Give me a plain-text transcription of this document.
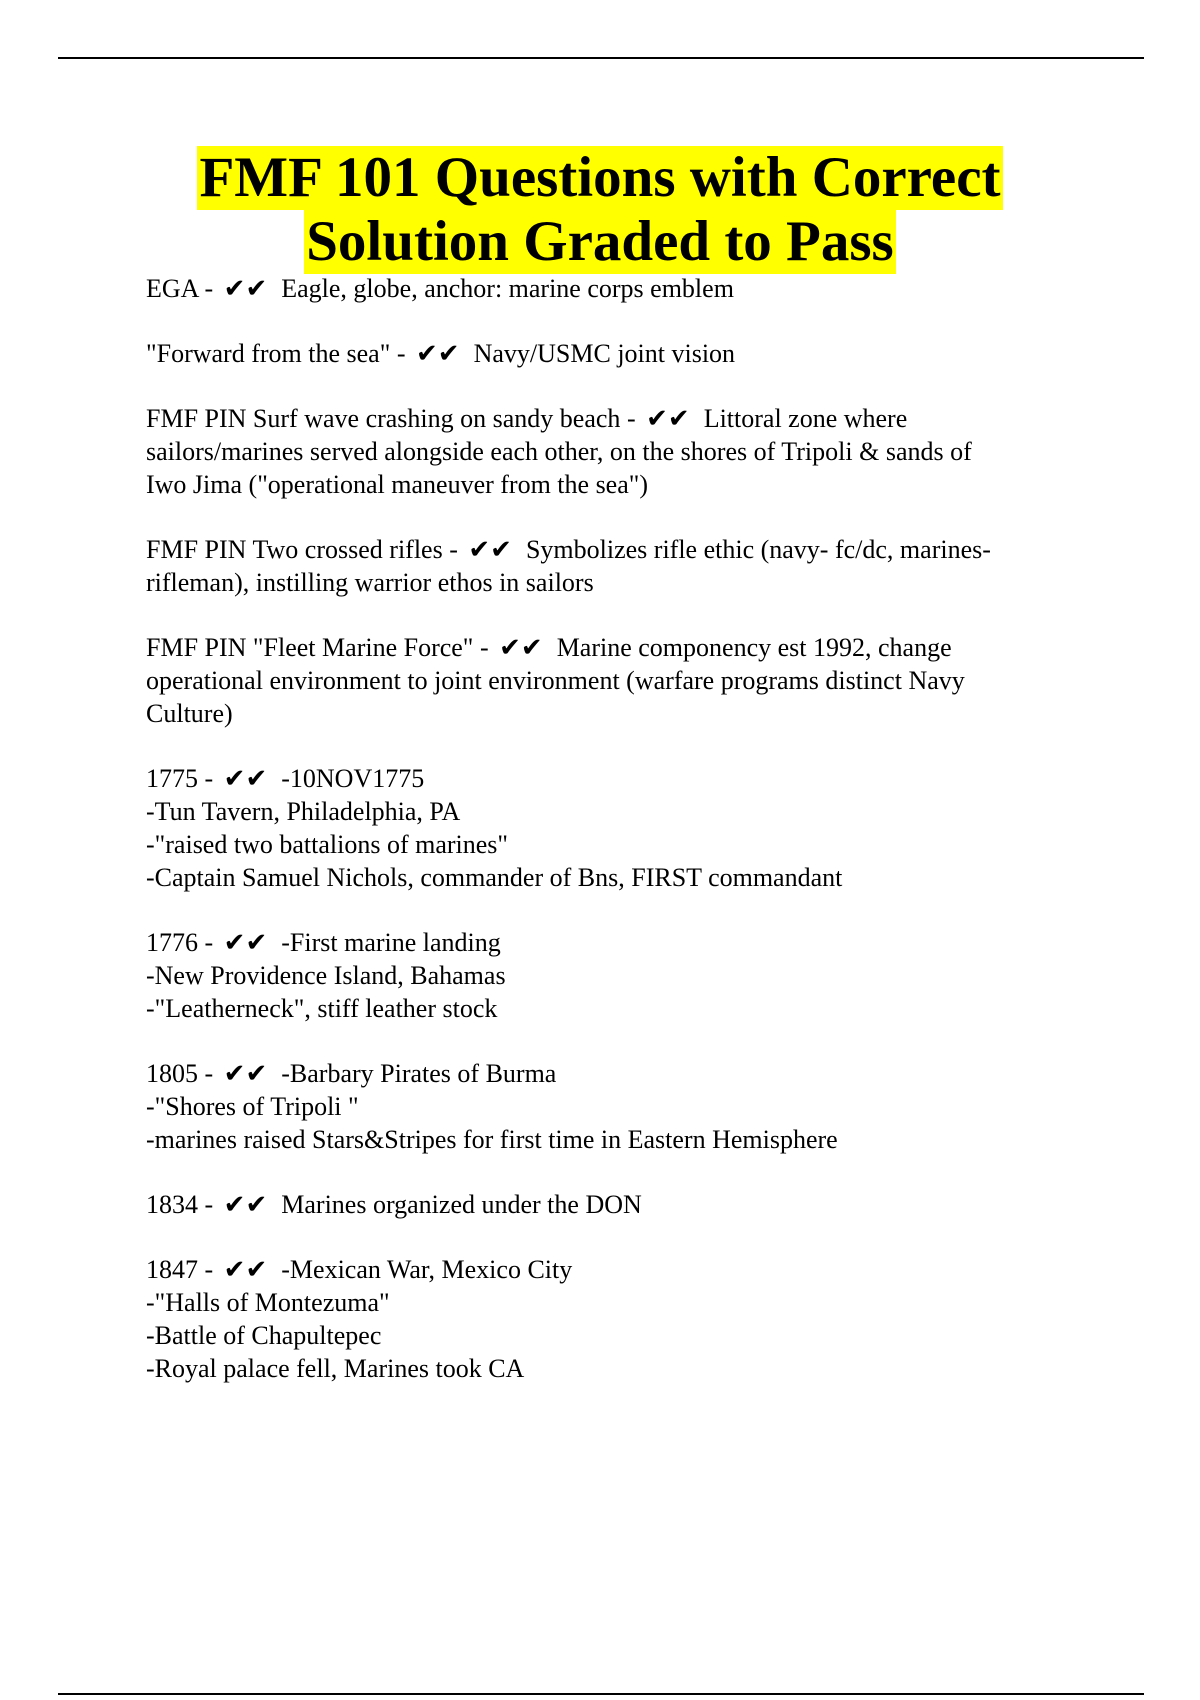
FMF 101 Questions with Correct
Solution Graded to Pass
EGA - ✔✔ Eagle, globe, anchor: marine corps emblem
"Forward from the sea" - ✔✔ Navy/USMC joint vision
FMF PIN Surf wave crashing on sandy beach - ✔✔ Littoral zone where
sailors/marines served alongside each other, on the shores of Tripoli & sands of
Iwo Jima ("operational maneuver from the sea")
FMF PIN Two crossed rifles - ✔✔ Symbolizes rifle ethic (navy- fc/dc, marines-
rifleman), instilling warrior ethos in sailors
FMF PIN "Fleet Marine Force" - ✔✔ Marine componency est 1992, change
operational environment to joint environment (warfare programs distinct Navy
Culture)
1775 - ✔✔ -10NOV1775
-Tun Tavern, Philadelphia, PA
-"raised two battalions of marines"
-Captain Samuel Nichols, commander of Bns, FIRST commandant
1776 - ✔✔ -First marine landing
-New Providence Island, Bahamas
-"Leatherneck", stiff leather stock
1805 - ✔✔ -Barbary Pirates of Burma
-"Shores of Tripoli "
-marines raised Stars&Stripes for first time in Eastern Hemisphere
1834 - ✔✔ Marines organized under the DON
1847 - ✔✔ -Mexican War, Mexico City
-"Halls of Montezuma"
-Battle of Chapultepec
-Royal palace fell, Marines took CA
